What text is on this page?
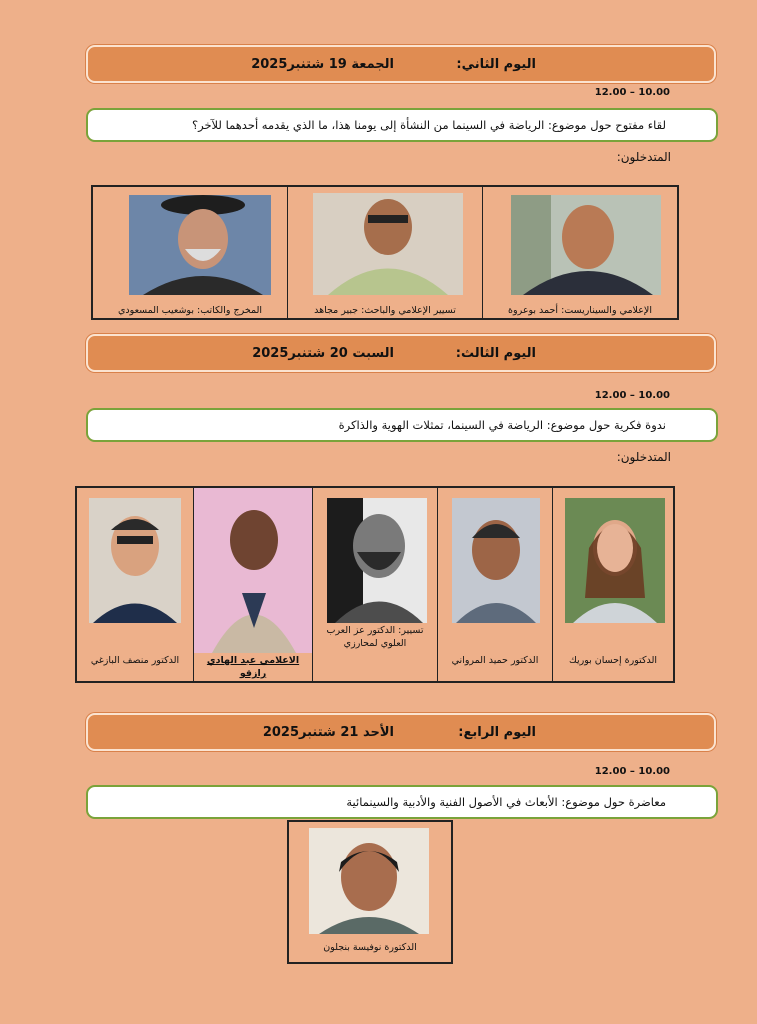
اليوم الثاني:
الجمعة 19 شتنبر2025
12.00 – 10.00
لقاء مفتوح حول موضوع: الرياضة في السينما من النشأة إلى يومنا هذا، ما الذي يقدمه أحدهما للآخر؟
المتدخلون:
الإعلامي والسيناريست: أحمد بوعروة

تسيير الإعلامي والباحث: جبير مجاهد

المخرج والكاتب: بوشعيب المسعودي
اليوم الثالث:
السبت 20 شتنبر2025
12.00 – 10.00
ندوة فكرية حول موضوع: الرياضة في السينما، تمثلات الهوية والذاكرة
المتدخلون:
الدكتورة إحسان بوريك

الدكتور حميد المرواني

تسيير: الدكتور عز العرب العلوي لمحارزي

الاعلامي عبد الهادي رازقو

الدكتور منصف البازغي
اليوم الرابع:
الأحد 21 شتنبر2025
12.00 – 10.00
معاضرة حول موضوع: الأبعاث في الأصول الفنية والأدبية والسينمائية
الدكتورة نوفيسة بنجلون
